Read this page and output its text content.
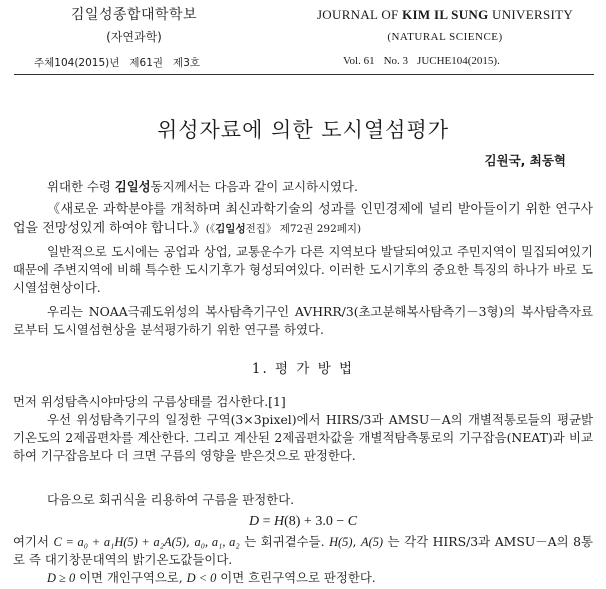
김일성종합대학학보
(자연과학)
JOURNAL OF KIM IL SUNG UNIVERSITY
(NATURAL SCIENCE)
주체104(2015)년 제61권 제3호	Vol. 61 No. 3 JUCHE104(2015).
위성자료에 의한 도시열섬평가
김원국, 최동혁
위대한 수령 김일성동지께서는 다음과 같이 교시하시였다.
《새로운 과학분야를 개척하며 최신과학기술의 성과를 인민경제에 널리 받아들이기 위한 연구사업을 전망성있게 하여야 합니다.》(《김일성전집》 제72권 292페지)
일반적으로 도시에는 공업과 상업, 교통운수가 다른 지역보다 발달되여있고 주민지역이 밀집되여있기때문에 주변지역에 비해 특수한 도시기후가 형성되여있다. 이러한 도시기후의 중요한 특징의 하나가 바로 도시열섬현상이다.
우리는 NOAA극궤도위성의 복사탐측기구인 AVHRR/3(초고분해복사탐측기－3형)의 복사탐측자료로부터 도시열섬현상을 분석평가하기 위한 연구를 하였다.
1. 평 가 방 법
먼저 위성탐측시야마당의 구름상태를 검사한다.[1]
우선 위성탐측기구의 일정한 구역(3×3pixel)에서 HIRS/3과 AMSU－A의 개별적통로들의 평균밝기온도의 2제곱편차를 계산한다. 그리고 계산된 2제곱편차값을 개별적탐측통로의 기구잡음(NEAT)과 비교하여 기구잡음보다 더 크면 구름의 영향을 받은것으로 판정한다.
다음으로 회귀식을 리용하여 구름을 판정한다.
D = H(8) + 3.0 − C
여기서 C = a₀ + a₁H(5) + a₂A(5), a₀, a₁, a₂ 는 회귀곁수들. H(5), A(5) 는 각각 HIRS/3과 AMSU－A의 8통로 즉 대기창문대역의 밝기온도값들이다.
D ≥ 0 이면 개인구역으로, D < 0 이면 흐린구역으로 판정한다.
